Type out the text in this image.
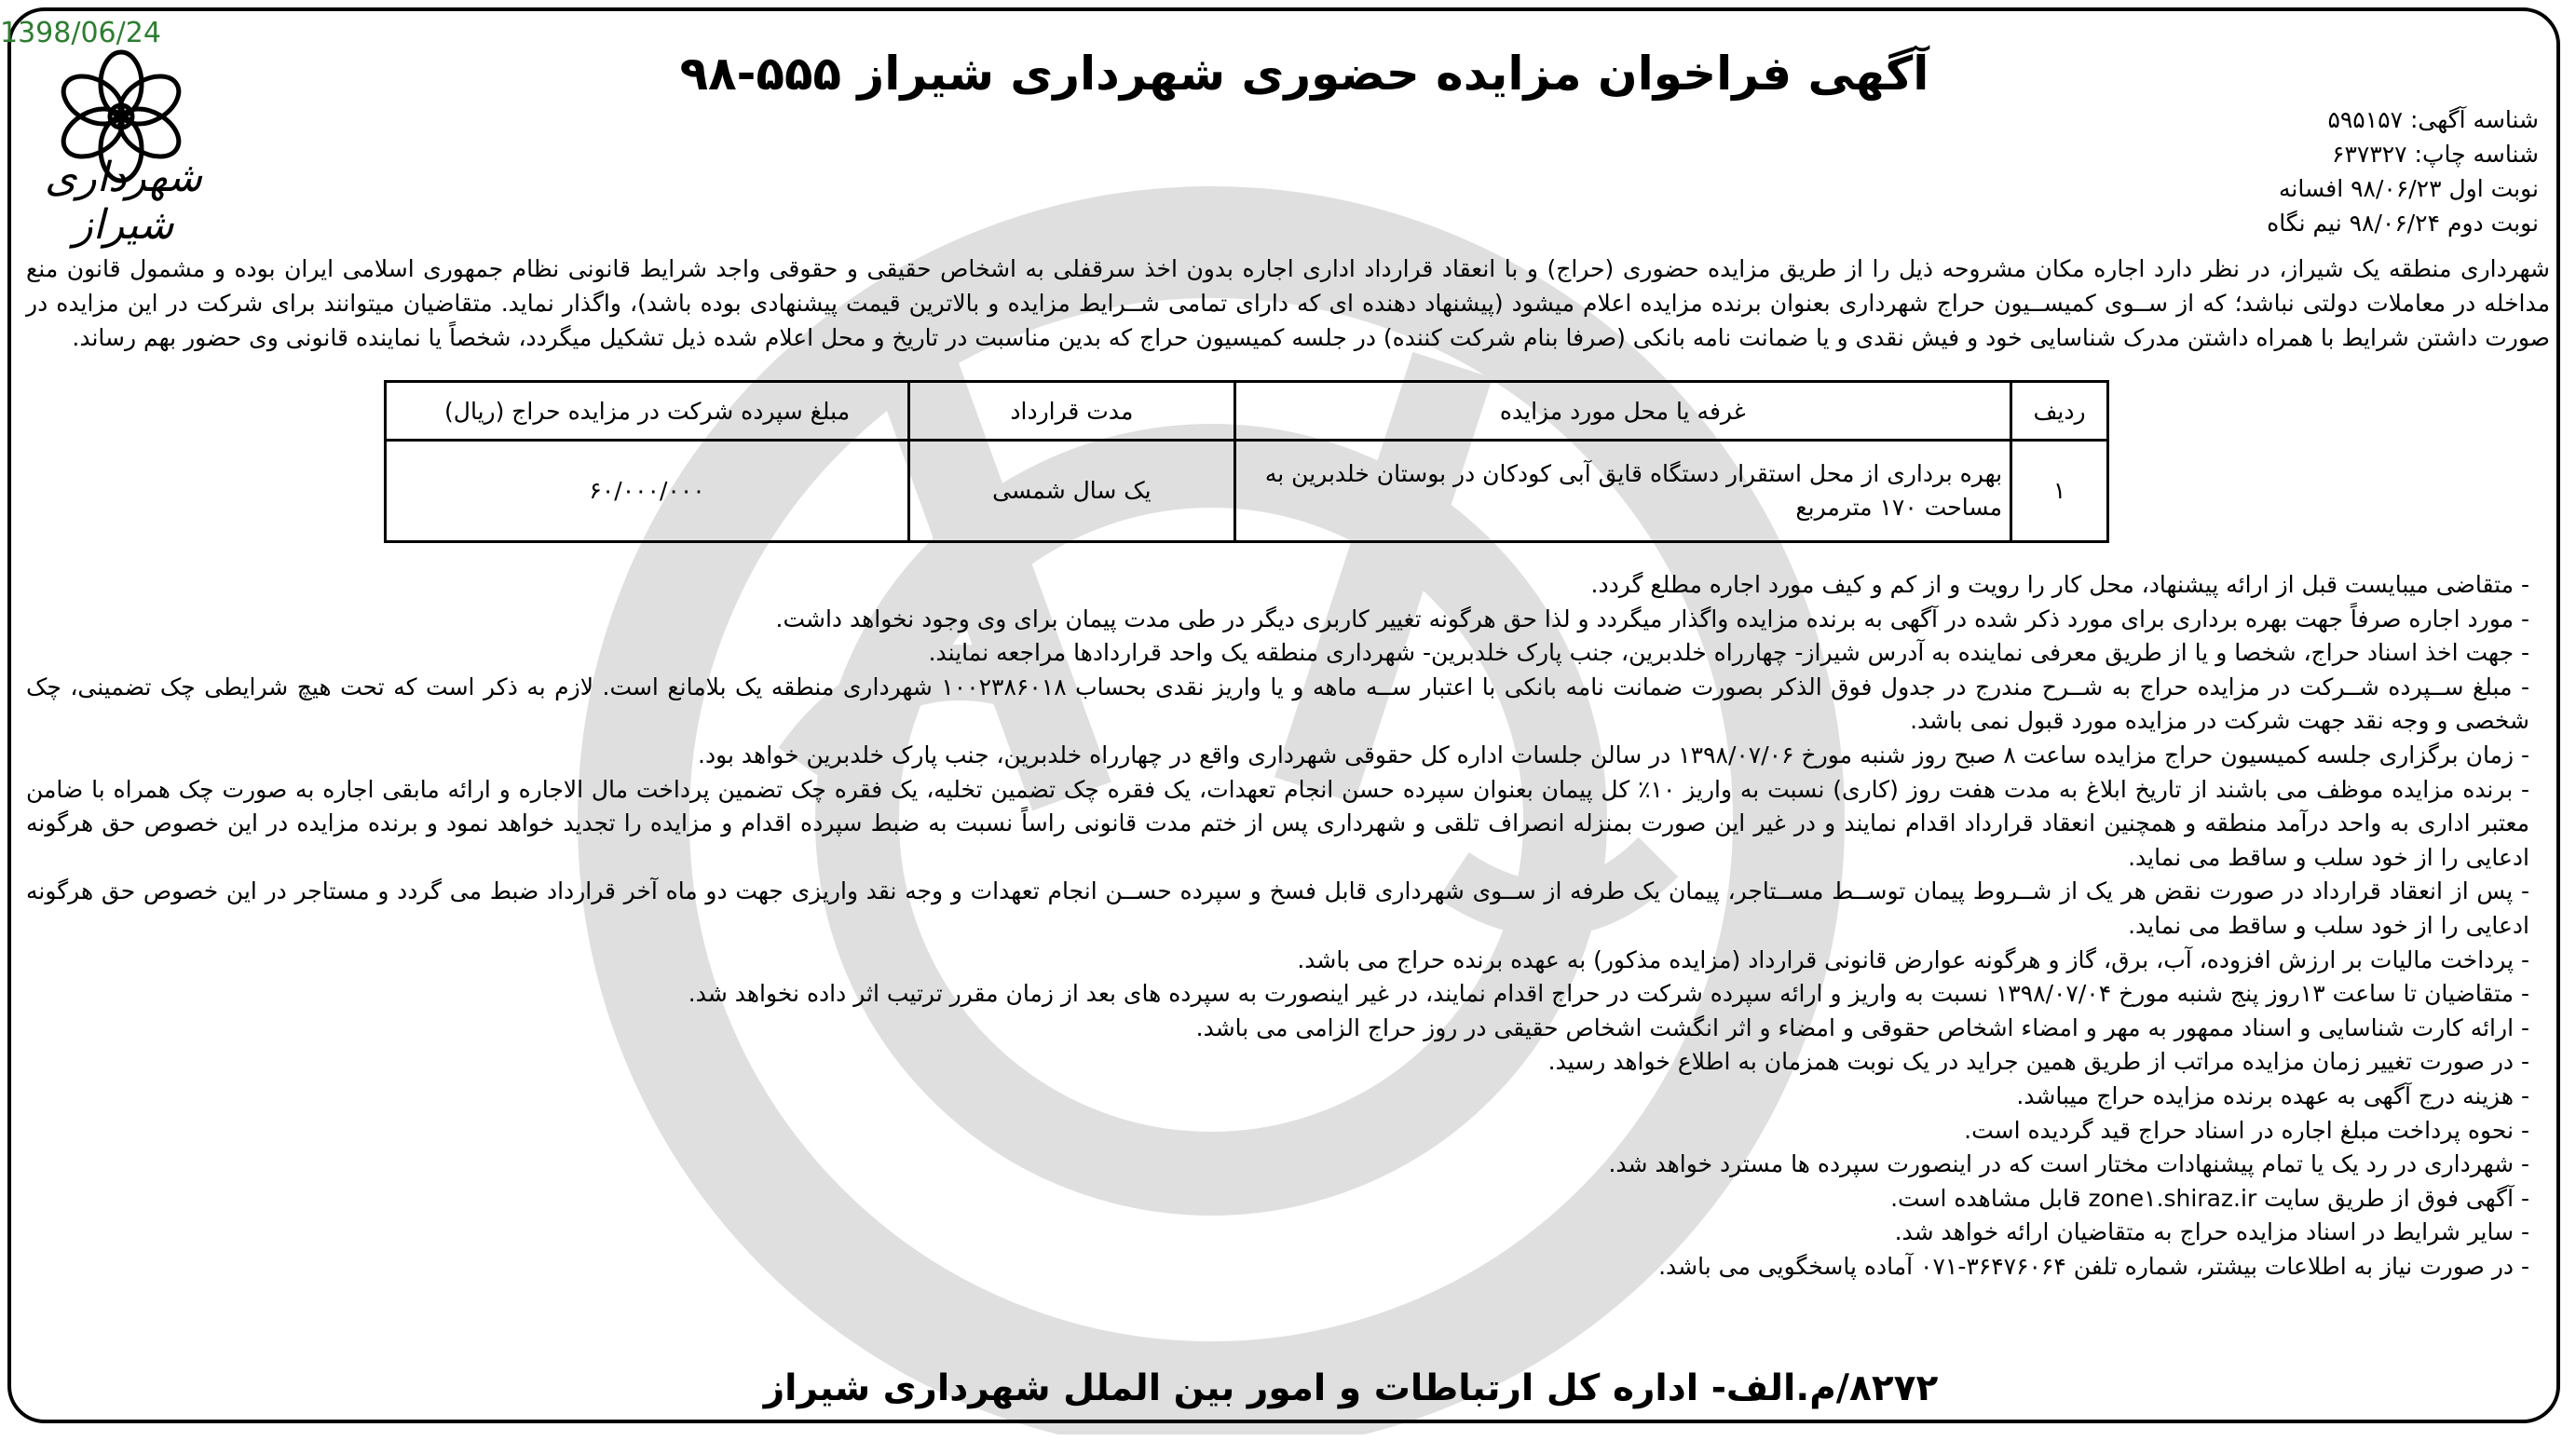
1398/06/24
شهرداری شیراز
آگهی فراخوان مزایده حضوری شهرداری شیراز ۵۵۵-۹۸
شناسه آگهی: ۵۹۵۱۵۷
شناسه چاپ: ۶۳۷۳۲۷
نوبت اول ۹۸/۰۶/۲۳ افسانه
نوبت دوم ۹۸/۰۶/۲۴ نیم نگاه
شهرداری منطقه یک شیراز، در نظر دارد اجاره مکان مشروحه ذیل را از طریق مزایده حضوری (حراج) و با انعقاد قرارداد اداری اجاره بدون اخذ سرقفلی به اشخاص حقیقی و حقوقی واجد شرایط قانونی نظام جمهوری اسلامی ایران بوده و مشمول قانون منع مداخله در معاملات دولتی نباشد؛ که از ســوی کمیســیون حراج شهرداری بعنوان برنده مزایده اعلام میشود (پیشنهاد دهنده ای که دارای تمامی شــرایط مزایده و بالاترین قیمت پیشنهادی بوده باشد)، واگذار نماید. متقاضیان میتوانند برای شرکت در این مزایده در صورت داشتن شرایط با همراه داشتن مدرک شناسایی خود و فیش نقدی و یا ضمانت نامه بانکی (صرفا بنام شرکت کننده) در جلسه کمیسیون حراج که بدین مناسبت در تاریخ و محل اعلام شده ذیل تشکیل میگردد، شخصاً یا نماینده قانونی وی حضور بهم رساند.
ردیف	غرفه یا محل مورد مزایده	مدت قرارداد	مبلغ سپرده شرکت در مزایده حراج (ریال)
۱	بهره برداری از محل استقرار دستگاه قایق آبی کودکان در بوستان خلدبرین به مساحت ۱۷۰ مترمربع	یک سال شمسی	۶۰/۰۰۰/۰۰۰
- متقاضی میبایست قبل از ارائه پیشنهاد، محل کار را رویت و از کم و کیف مورد اجاره مطلع گردد.
- مورد اجاره صرفاً جهت بهره برداری برای مورد ذکر شده در آگهی به برنده مزایده واگذار میگردد و لذا حق هرگونه تغییر کاربری دیگر در طی مدت پیمان برای وی وجود نخواهد داشت.
- جهت اخذ اسناد حراج، شخصا و یا از طریق معرفی نماینده به آدرس شیراز- چهارراه خلدبرین، جنب پارک خلدبرین- شهرداری منطقه یک واحد قراردادها مراجعه نمایند.
- مبلغ ســپرده شــرکت در مزایده حراج به شــرح مندرج در جدول فوق الذکر بصورت ضمانت نامه بانکی با اعتبار ســه ماهه و یا واریز نقدی بحساب ۱۰۰۲۳۸۶۰۱۸ شهرداری منطقه یک بلامانع است. لازم به ذکر است که تحت هیچ شرایطی چک تضمینی، چک شخصی و وجه نقد جهت شرکت در مزایده مورد قبول نمی باشد.
- زمان برگزاری جلسه کمیسیون حراج مزایده ساعت ۸ صبح روز شنبه مورخ ۱۳۹۸/۰۷/۰۶ در سالن جلسات اداره کل حقوقی شهرداری واقع در چهارراه خلدبرین، جنب پارک خلدبرین خواهد بود.
- برنده مزایده موظف می باشند از تاریخ ابلاغ به مدت هفت روز (کاری) نسبت به واریز ۱۰٪ کل پیمان بعنوان سپرده حسن انجام تعهدات، یک فقره چک تضمین تخلیه، یک فقره چک تضمین پرداخت مال الاجاره و ارائه مابقی اجاره به صورت چک همراه با ضامن معتبر اداری به واحد درآمد منطقه و همچنین انعقاد قرارداد اقدام نمایند و در غیر این صورت بمنزله انصراف تلقی و شهرداری پس از ختم مدت قانونی راساً نسبت به ضبط سپرده اقدام و مزایده را تجدید خواهد نمود و برنده مزایده در این خصوص حق هرگونه ادعایی را از خود سلب و ساقط می نماید.
- پس از انعقاد قرارداد در صورت نقض هر یک از شــروط پیمان توســط مســتاجر، پیمان یک طرفه از ســوی شهرداری قابل فسخ و سپرده حســن انجام تعهدات و وجه نقد واریزی جهت دو ماه آخر قرارداد ضبط می گردد و مستاجر در این خصوص حق هرگونه ادعایی را از خود سلب و ساقط می نماید.
- پرداخت مالیات بر ارزش افزوده، آب، برق، گاز و هرگونه عوارض قانونی قرارداد (مزایده مذکور) به عهده برنده حراج می باشد.
- متقاضیان تا ساعت ۱۳روز پنج شنبه مورخ ۱۳۹۸/۰۷/۰۴ نسبت به واریز و ارائه سپرده شرکت در حراج اقدام نمایند، در غیر اینصورت به سپرده های بعد از زمان مقرر ترتیب اثر داده نخواهد شد.
- ارائه کارت شناسایی و اسناد ممهور به مهر و امضاء اشخاص حقوقی و امضاء و اثر انگشت اشخاص حقیقی در روز حراج الزامی می باشد.
- در صورت تغییر زمان مزایده مراتب از طریق همین جراید در یک نوبت همزمان به اطلاع خواهد رسید.
- هزینه درج آگهی به عهده برنده مزایده حراج میباشد.
- نحوه پرداخت مبلغ اجاره در اسناد حراج قید گردیده است.
- شهرداری در رد یک یا تمام پیشنهادات مختار است که در اینصورت سپرده ها مسترد خواهد شد.
- آگهی فوق از طریق سایت zone۱.shiraz.ir قابل مشاهده است.
- سایر شرایط در اسناد مزایده حراج به متقاضیان ارائه خواهد شد.
- در صورت نیاز به اطلاعات بیشتر، شماره تلفن ۳۶۴۷۶۰۶۴-۰۷۱ آماده پاسخگویی می باشد.
۸۲۷۲/م.الف- اداره کل ارتباطات و امور بین الملل شهرداری شیراز
